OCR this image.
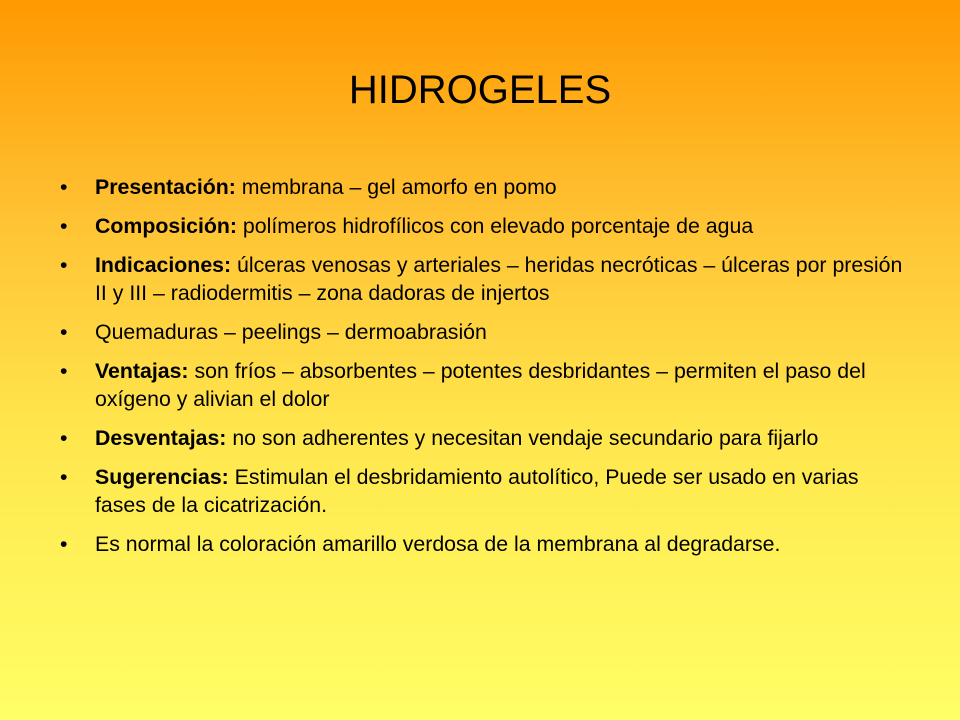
HIDROGELES
•	Presentación: membrana – gel amorfo en pomo
•	Composición: polímeros hidrofílicos con elevado porcentaje de agua
•	Indicaciones: úlceras venosas y arteriales – heridas necróticas – úlceras por presión II y III – radiodermitis – zona dadoras de injertos
•	Quemaduras – peelings – dermoabrasión
•	Ventajas: son fríos – absorbentes – potentes desbridantes – permiten el paso del oxígeno y alivian el dolor
•	Desventajas: no son adherentes y necesitan vendaje secundario para fijarlo
•	Sugerencias: Estimulan el desbridamiento autolítico, Puede ser usado en varias fases de la cicatrización.
•	Es normal la coloración amarillo verdosa de la membrana al degradarse.
